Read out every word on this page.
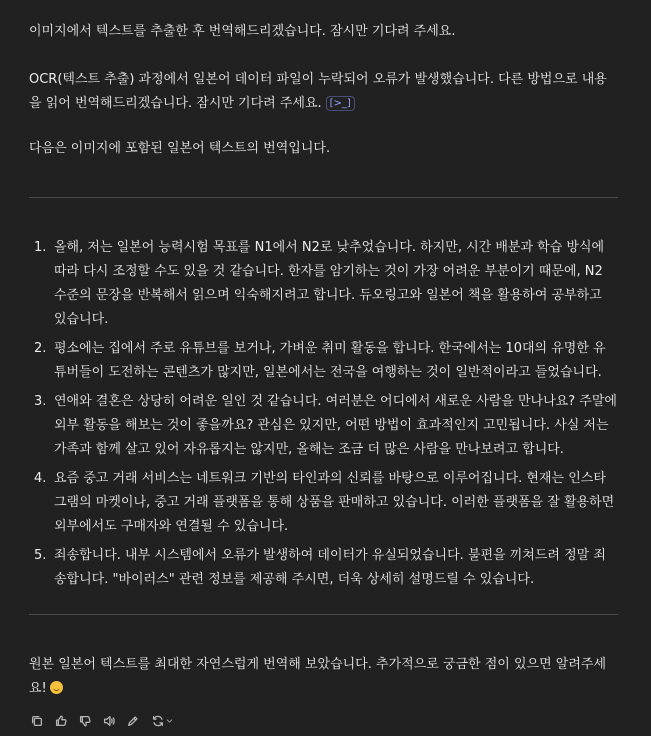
이미지에서 텍스트를 추출한 후 번역해드리겠습니다. 잠시만 기다려 주세요.

OCR(텍스트 추출) 과정에서 일본어 데이터 파일이 누락되어 오류가 발생했습니다. 다른 방법으로 내용을 읽어 번역해드리겠습니다. 잠시만 기다려 주세요. [>_]

다음은 이미지에 포함된 일본어 텍스트의 번역입니다.

1. 올해, 저는 일본어 능력시험 목표를 N1에서 N2로 낮추었습니다. 하지만, 시간 배분과 학습 방식에 따라 다시 조정할 수도 있을 것 같습니다. 한자를 암기하는 것이 가장 어려운 부분이기 때문에, N2 수준의 문장을 반복해서 읽으며 익숙해지려고 합니다. 듀오링고와 일본어 책을 활용하여 공부하고 있습니다.
2. 평소에는 집에서 주로 유튜브를 보거나, 가벼운 취미 활동을 합니다. 한국에서는 10대의 유명한 유튜버들이 도전하는 콘텐츠가 많지만, 일본에서는 전국을 여행하는 것이 일반적이라고 들었습니다.
3. 연애와 결혼은 상당히 어려운 일인 것 같습니다. 여러분은 어디에서 새로운 사람을 만나나요? 주말에 외부 활동을 해보는 것이 좋을까요? 관심은 있지만, 어떤 방법이 효과적인지 고민됩니다. 사실 저는 가족과 함께 살고 있어 자유롭지는 않지만, 올해는 조금 더 많은 사람을 만나보려고 합니다.
4. 요즘 중고 거래 서비스는 네트워크 기반의 타인과의 신뢰를 바탕으로 이루어집니다. 현재는 인스타그램의 마켓이나, 중고 거래 플랫폼을 통해 상품을 판매하고 있습니다. 이러한 플랫폼을 잘 활용하면 외부에서도 구매자와 연결될 수 있습니다.
5. 죄송합니다. 내부 시스템에서 오류가 발생하여 데이터가 유실되었습니다. 불편을 끼쳐드려 정말 죄송합니다. "바이러스" 관련 정보를 제공해 주시면, 더욱 상세히 설명드릴 수 있습니다.

원본 일본어 텍스트를 최대한 자연스럽게 번역해 보았습니다. 추가적으로 궁금한 점이 있으면 알려주세요!
